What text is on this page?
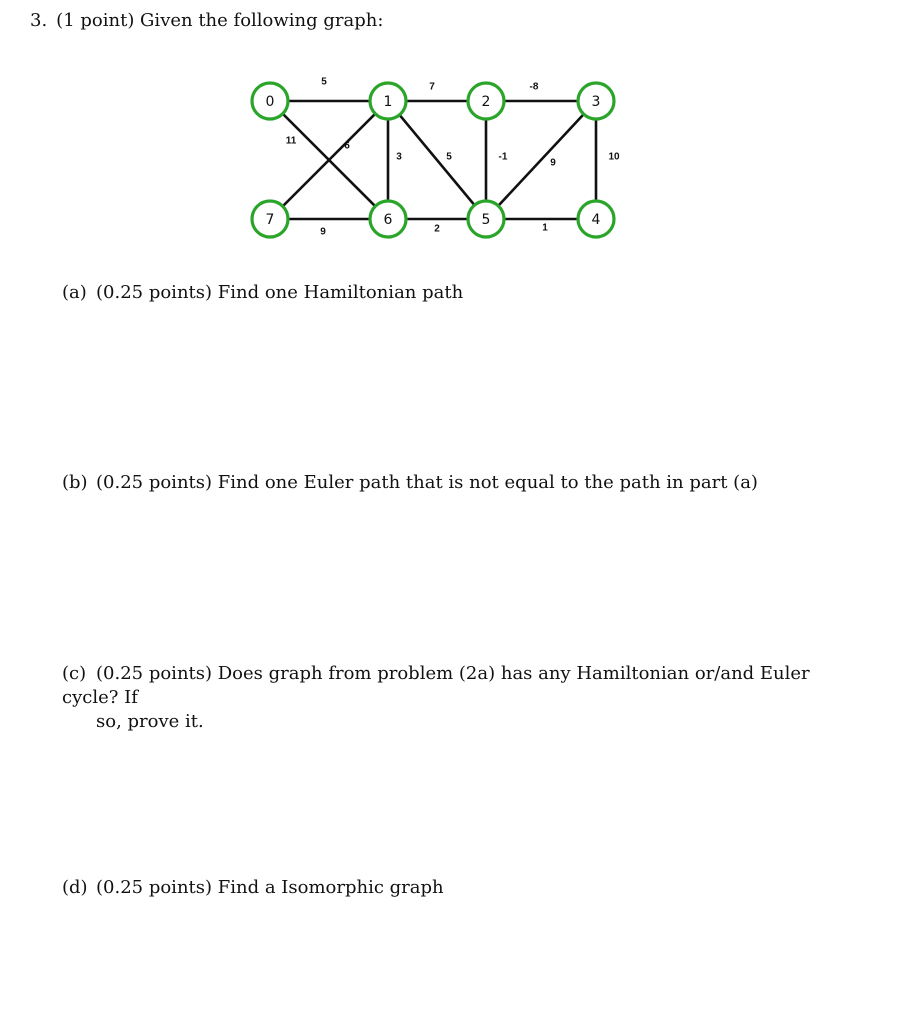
3. (1 point) Given the following graph:
5	7	-8
11	6
3	5	-1
9
10
9	2	1
0	1	2	3
7	6	5	4
(a) (0.25 points) Find one Hamiltonian path
(b) (0.25 points) Find one Euler path that is not equal to the path in part (a)
(c) (0.25 points) Does graph from problem (2a) has any Hamiltonian or/and Euler cycle? If
so, prove it.
(d) (0.25 points) Find a Isomorphic graph
